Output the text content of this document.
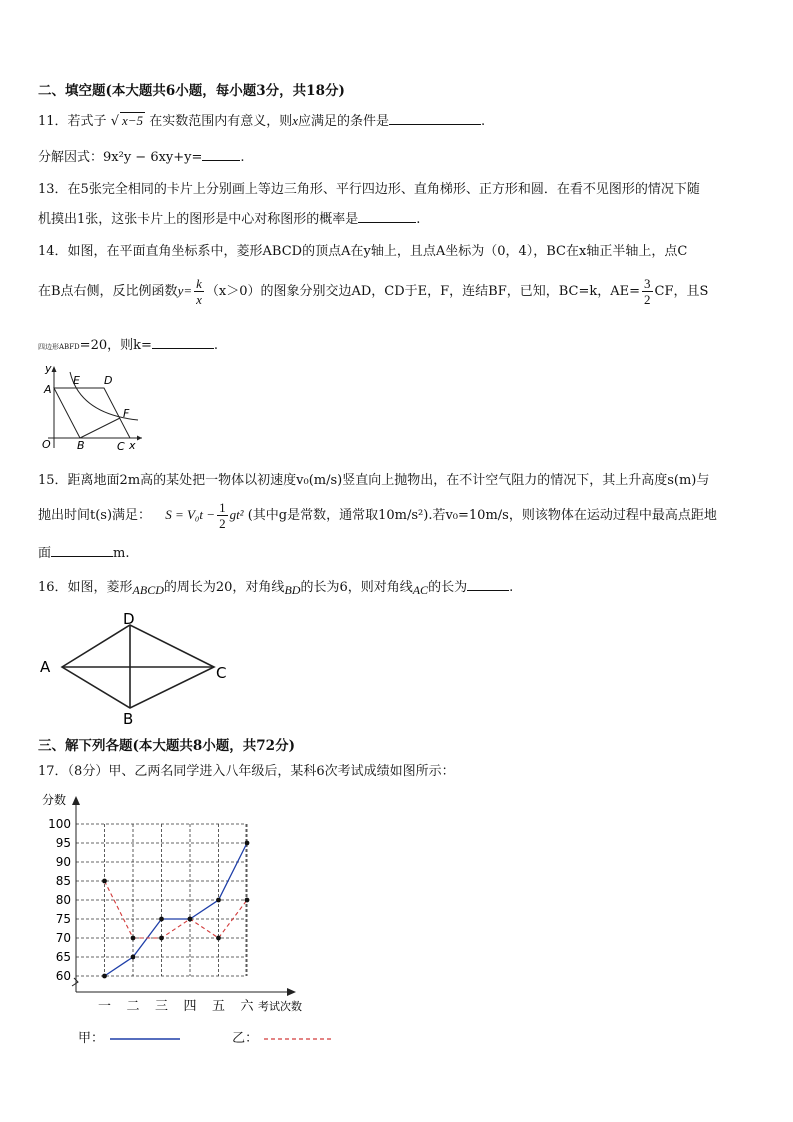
二、填空题(本大题共6小题，每小题3分，共18分)
11．若式子 √ x−5 在实数范围内有意义，则x应满足的条件是	.
分解因式：9x²y − 6xy+y=	.
13．在5张完全相同的卡片上分别画上等边三角形、平行四边形、直角梯形、正方形和圆．在看不见图形的情况下随
机摸出1张，这张卡片上的图形是中心对称图形的概率是	.
14．如图，在平面直角坐标系中，菱形ABCD的顶点A在y轴上，且点A坐标为（0，4），BC在x轴正半轴上，点C
在B点右侧，反比例函数$y= \frac{k}{x} (x>0)$的图象分别交边AD，CD于E，F，连结BF，已知，BC=k，$AE= \frac{3}{2}$ CF，且S
四边形ABFD=20，则k=	.
y
A
E D
F
O B	C x
15．距离地面2m高的某处把一物体以初速度v₀(m/s)竖直向上抛物出，在不计空气阻力的情况下，其上升高度s(m)与
抛出时间t(s)满足： $S = V_0t - \frac{1}{2} gt^2$ (其中g是常数，通常取10m/s²).若v₀=10m/s，则该物体在运动过程中最高点距地
面	m.
16．如图，菱形ABCD的周长为20，对角线BD的长为6，则对角线AC的长为	.
A
D
C
B
三、解下列各题(本大题共8小题，共72分)
17．（8分）甲、乙两名同学进入八年级后，某科6次考试成绩如图所示：
100
95
90
85
80
75
70
65
60
一 二 三 四 五 六
分数
考试次数
甲：	乙：
